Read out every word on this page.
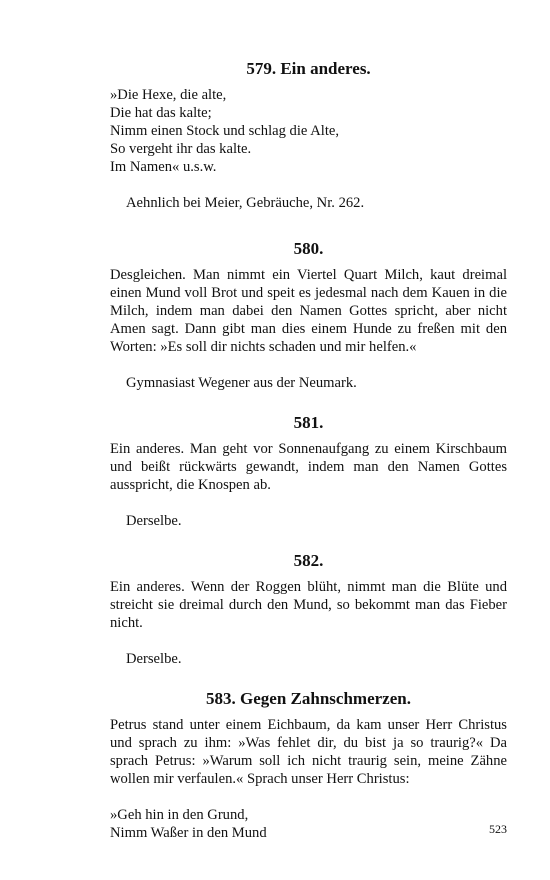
579. Ein anderes.
»Die Hexe, die alte,
Die hat das kalte;
Nimm einen Stock und schlag die Alte,
So vergeht ihr das kalte.
Im Namen« u.s.w.

Aehnlich bei Meier, Gebräuche, Nr. 262.

580.

Desgleichen. Man nimmt ein Viertel Quart Milch, kaut dreimal einen Mund voll Brot und speit es jedesmal nach dem Kauen in die Milch, indem man dabei den Namen Gottes spricht, aber nicht Amen sagt. Dann gibt man dies einem Hunde zu freßen mit den Worten: »Es soll dir nichts schaden und mir helfen.«

Gymnasiast Wegener aus der Neumark.

581.

Ein anderes. Man geht vor Sonnenaufgang zu einem Kirschbaum und beißt rückwärts gewandt, indem man den Namen Gottes ausspricht, die Knospen ab.

Derselbe.

582.

Ein anderes. Wenn der Roggen blüht, nimmt man die Blüte und streicht sie dreimal durch den Mund, so bekommt man das Fieber nicht.

Derselbe.

583. Gegen Zahnschmerzen.

Petrus stand unter einem Eichbaum, da kam unser Herr Christus und sprach zu ihm: »Was fehlet dir, du bist ja so traurig?« Da sprach Petrus: »Warum soll ich nicht traurig sein, meine Zähne wollen mir verfaulen.« Sprach unser Herr Christus:

»Geh hin in den Grund,
Nimm Waßer in den Mund	523
